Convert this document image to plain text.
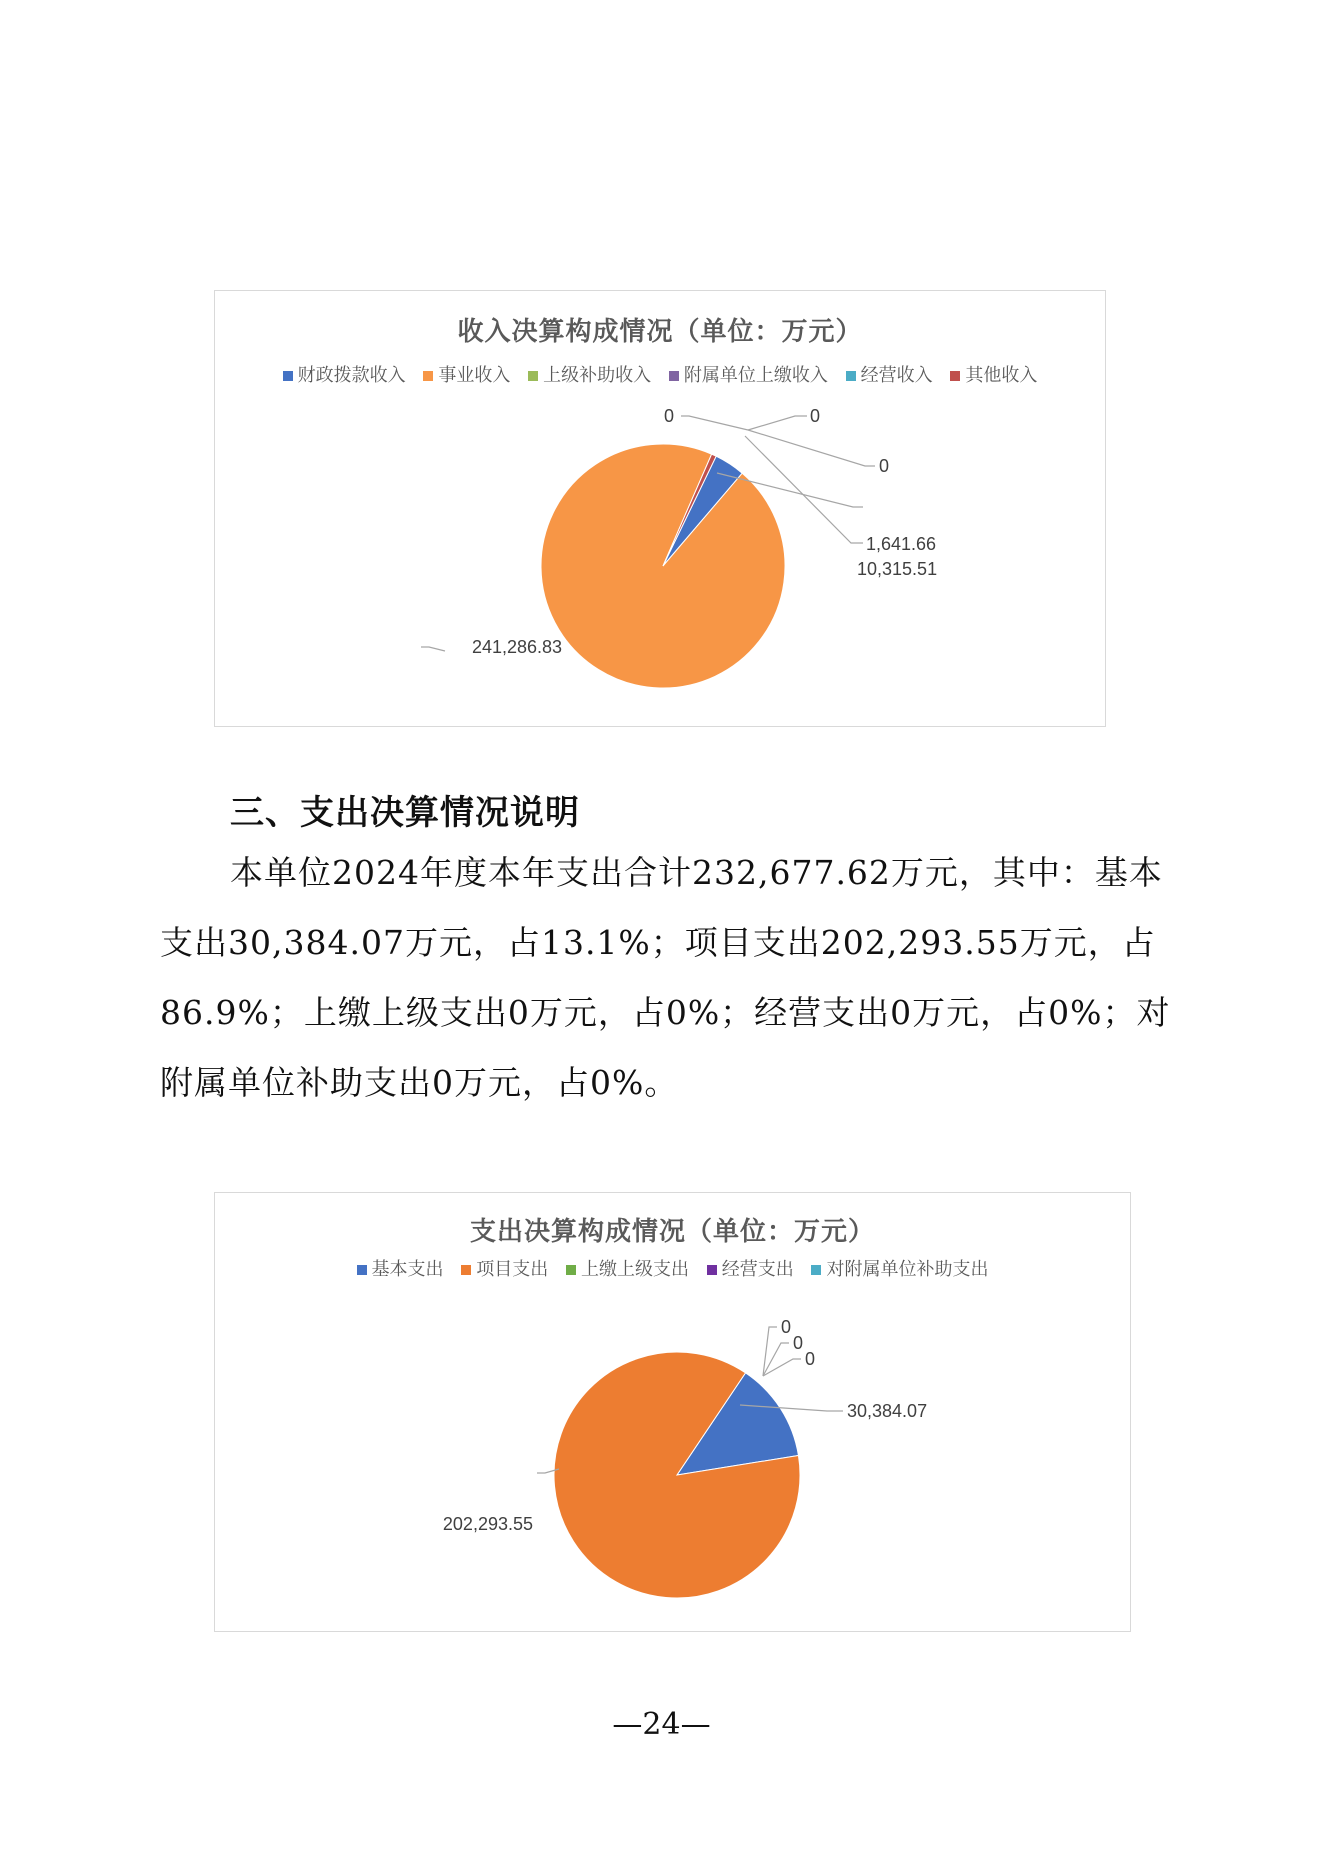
收入决算构成情况（单位：万元）
财政拨款收入 事业收入 上级补助收入 附属单位上缴收入 经营收入 其他收入
10,315.51
241,286.83
0	0
0
1,641.66
三、支出决算情况说明
本单位2024年度本年支出合计232,677.62万元，其中：基本支出30,384.07万元，占13.1%；项目支出202,293.55万元，占86.9%；上缴上级支出0万元，占0%；经营支出0万元，占0%；对附属单位补助支出0万元，占0%。
支出决算构成情况（单位：万元）
基本支出 项目支出 上缴上级支出 经营支出 对附属单位补助支出
30,384.07
202,293.55
0
0
0
—24—
